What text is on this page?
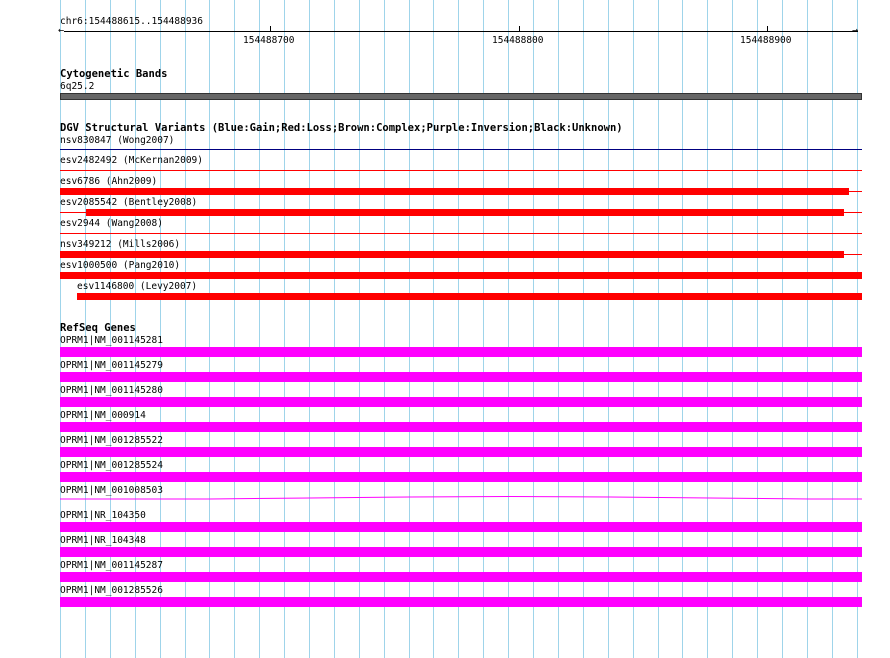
chr6:154488615..154488936
←	→
154488700	154488800	154488900
Cytogenetic Bands
6q25.2
DGV Structural Variants (Blue:Gain;Red:Loss;Brown:Complex;Purple:Inversion;Black:Unknown)
nsv830847 (Wong2007)
esv2482492 (McKernan2009)
esv6786 (Ahn2009)
esv2085542 (Bentley2008)
esv2944 (Wang2008)
nsv349212 (Mills2006)
esv1000500 (Pang2010)
esv1146800 (Levy2007)
RefSeq Genes
OPRM1|NM_001145281
OPRM1|NM_001145279
OPRM1|NM_001145280
OPRM1|NM_000914
OPRM1|NM_001285522
OPRM1|NM_001285524
OPRM1|NM_001008503
OPRM1|NR_104350
OPRM1|NR_104348
OPRM1|NM_001145287
OPRM1|NM_001285526
